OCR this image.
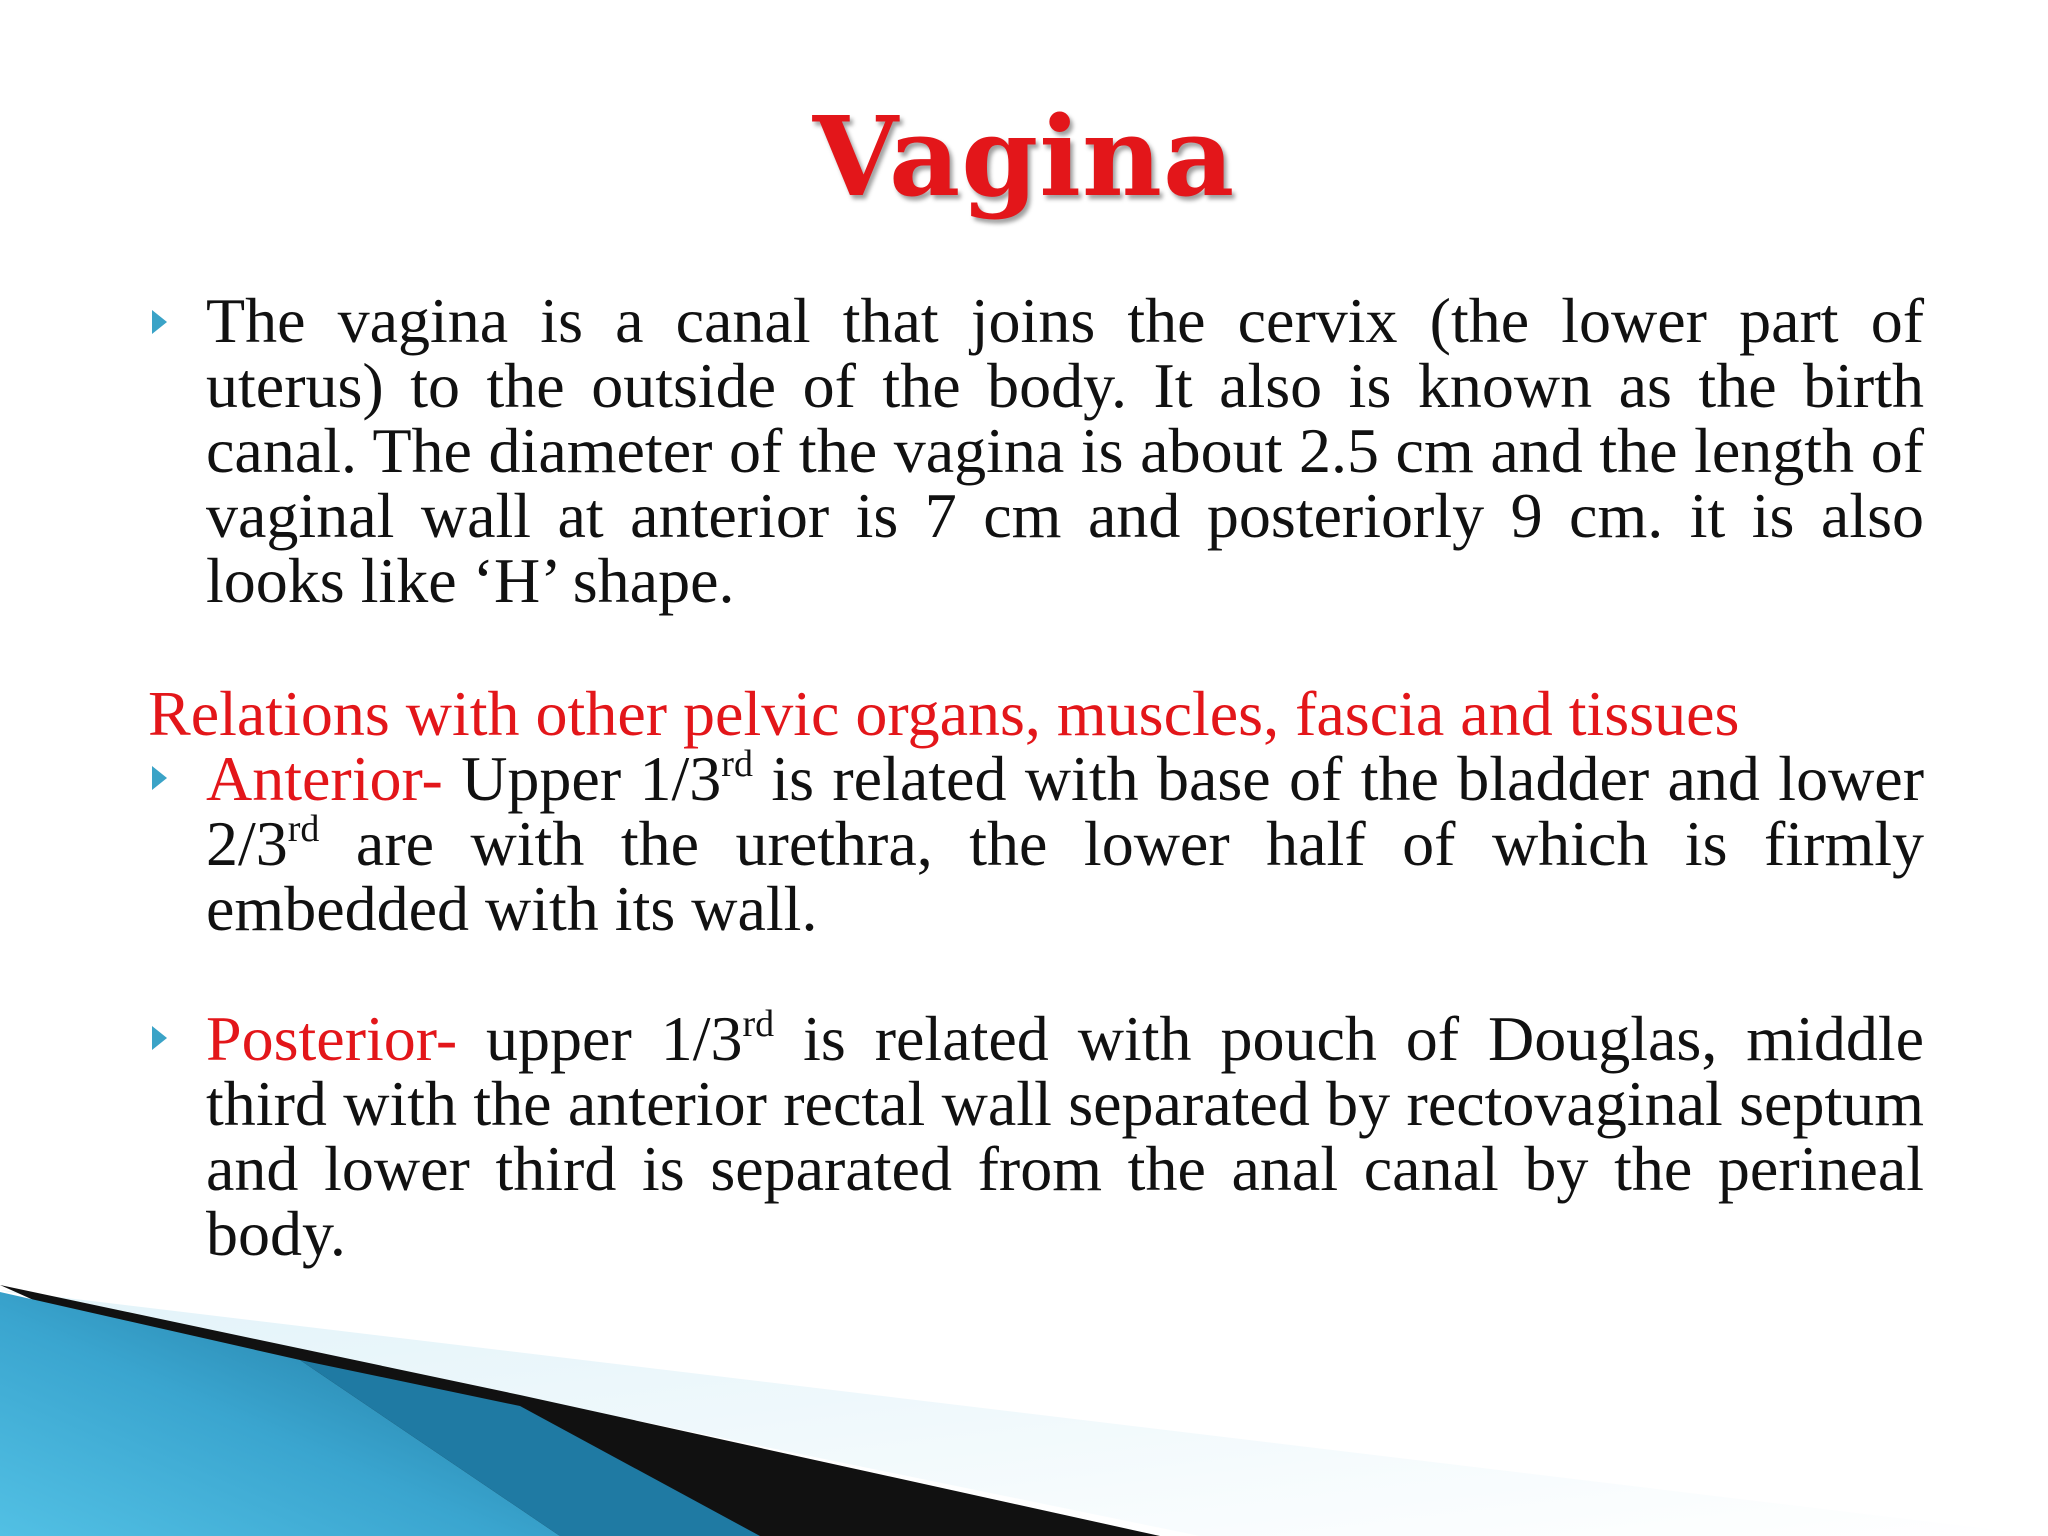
Vagina
The vagina is a canal that joins the cervix (the lower part of uterus) to the outside of the body. It also is known as the birth canal. The diameter of the vagina is about 2.5 cm and the length of vaginal wall at anterior is 7 cm and posteriorly 9 cm. it is also looks like ‘H’ shape.
Relations with other pelvic organs, muscles, fascia and tissues
Anterior- Upper 1/3rd is related with base of the bladder and lower 2/3rd are with the urethra, the lower half of which is firmly embedded with its wall.
Posterior- upper 1/3rd is related with pouch of Douglas, middle third with the anterior rectal wall separated by rectovaginal septum and lower third is separated from the anal canal by the perineal body.
